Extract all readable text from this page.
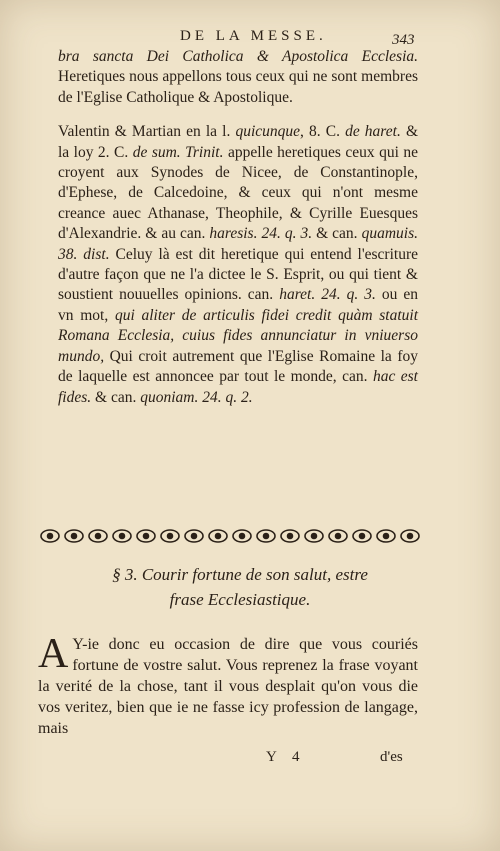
DE LA MESSE.	343

bra sancta Dei Catholica & Apostolica Ecclesia. Heretiques nous appellons tous ceux qui ne sont membres de l'Eglise Catholique & Apostolique.

Valentin & Martian en la l. quicunque, 8. C. de haret. & la loy 2. C. de sum. Trinit. appelle heretiques ceux qui ne croyent aux Synodes de Nicee, de Constantinople, d'Ephese, de Calcedoine, & ceux qui n'ont mesme creance auec Athanase, Theophile, & Cyrille Euesques d'Alexandrie. & au can. haresis. 24. q. 3. & can. quamuis. 38. dist. Celuy là est dit heretique qui entend l'escriture d'autre façon que ne l'a dictee le S. Esprit, ou qui tient & soustient nouuelles opinions. can. haret. 24. q. 3. ou en vn mot, qui aliter de articulis fidei credit quàm statuit Romana Ecclesia, cuius fides annunciatur in vniuerso mundo, Qui croit autrement que l'Eglise Romaine la foy de laquelle est annoncee par tout le monde, can. hac est fides. & can. quoniam. 24. q. 2.

§ 3. Courir fortune de son salut, estre
frase Ecclesiastique.
A Y-ie donc eu occasion de dire que vous couriés fortune de vostre salut. Vous reprenez la frase voyant la verité de la chose, tant il vous desplait qu'on vous die vos veritez, bien que ie ne fasse icy profession de langage, mais
Y 4	d'es
